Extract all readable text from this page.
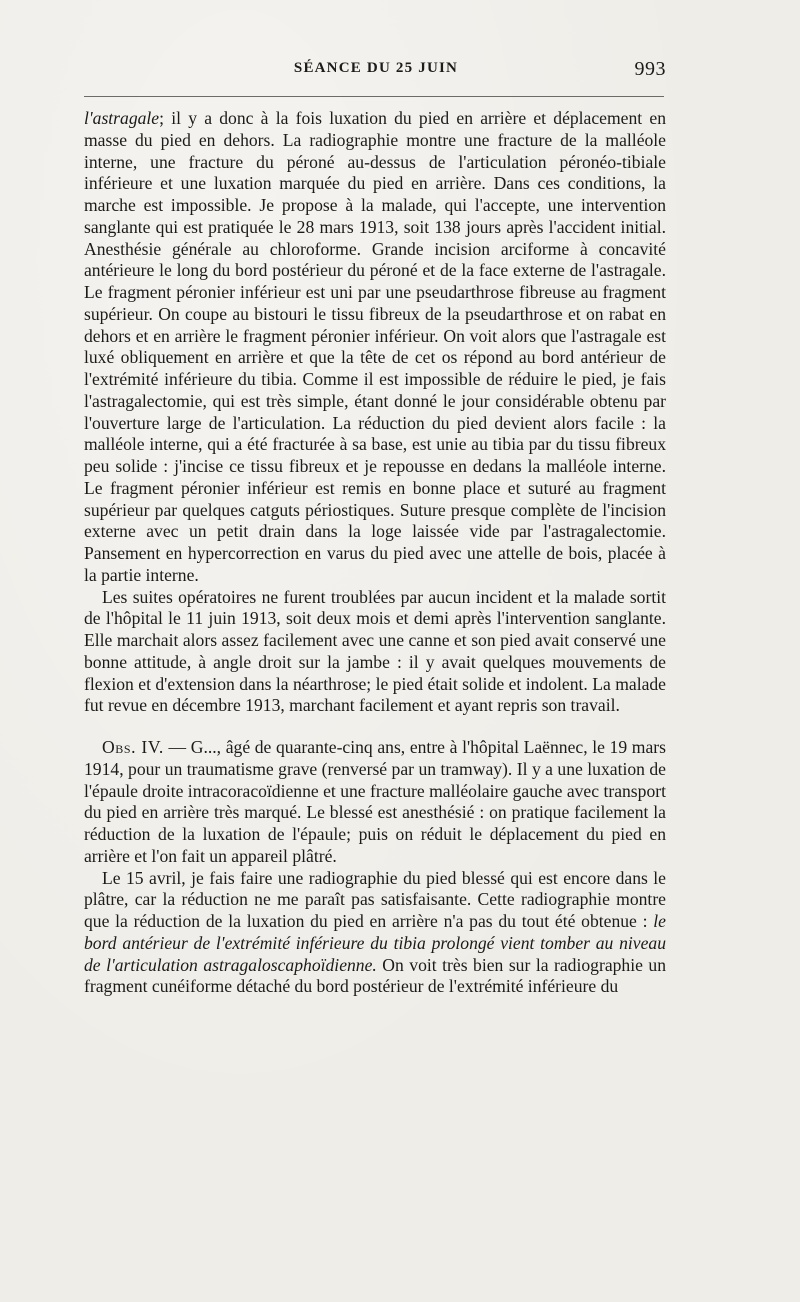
SÉANCE DU 25 JUIN	993

l'astragale; il y a donc à la fois luxation du pied en arrière et déplacement en masse du pied en dehors. La radiographie montre une fracture de la malléole interne, une fracture du péroné au-dessus de l'articulation péronéo-tibiale inférieure et une luxation marquée du pied en arrière. Dans ces conditions, la marche est impossible. Je propose à la malade, qui l'accepte, une intervention sanglante qui est pratiquée le 28 mars 1913, soit 138 jours après l'accident initial. Anesthésie générale au chloroforme. Grande incision arciforme à concavité antérieure le long du bord postérieur du péroné et de la face externe de l'astragale. Le fragment péronier inférieur est uni par une pseudarthrose fibreuse au fragment supérieur. On coupe au bistouri le tissu fibreux de la pseudarthrose et on rabat en dehors et en arrière le fragment péronier inférieur. On voit alors que l'astragale est luxé obliquement en arrière et que la tête de cet os répond au bord antérieur de l'extrémité inférieure du tibia. Comme il est impossible de réduire le pied, je fais l'astragalectomie, qui est très simple, étant donné le jour considérable obtenu par l'ouverture large de l'articulation. La réduction du pied devient alors facile : la malléole interne, qui a été fracturée à sa base, est unie au tibia par du tissu fibreux peu solide : j'incise ce tissu fibreux et je repousse en dedans la malléole interne. Le fragment péronier inférieur est remis en bonne place et suturé au fragment supérieur par quelques catguts périostiques. Suture presque complète de l'incision externe avec un petit drain dans la loge laissée vide par l'astragalectomie. Pansement en hypercorrection en varus du pied avec une attelle de bois, placée à la partie interne.

Les suites opératoires ne furent troublées par aucun incident et la malade sortit de l'hôpital le 11 juin 1913, soit deux mois et demi après l'intervention sanglante. Elle marchait alors assez facilement avec une canne et son pied avait conservé une bonne attitude, à angle droit sur la jambe : il y avait quelques mouvements de flexion et d'extension dans la néarthrose; le pied était solide et indolent. La malade fut revue en décembre 1913, marchant facilement et ayant repris son travail.

Obs. IV. — G..., âgé de quarante-cinq ans, entre à l'hôpital Laënnec, le 19 mars 1914, pour un traumatisme grave (renversé par un tramway). Il y a une luxation de l'épaule droite intracoracoïdienne et une fracture malléolaire gauche avec transport du pied en arrière très marqué. Le blessé est anesthésié : on pratique facilement la réduction de la luxation de l'épaule; puis on réduit le déplacement du pied en arrière et l'on fait un appareil plâtré.

Le 15 avril, je fais faire une radiographie du pied blessé qui est encore dans le plâtre, car la réduction ne me paraît pas satisfaisante. Cette radiographie montre que la réduction de la luxation du pied en arrière n'a pas du tout été obtenue : le bord antérieur de l'extrémité inférieure du tibia prolongé vient tomber au niveau de l'articulation astragaloscaphoïdienne. On voit très bien sur la radiographie un fragment cunéiforme détaché du bord postérieur de l'extrémité inférieure du
